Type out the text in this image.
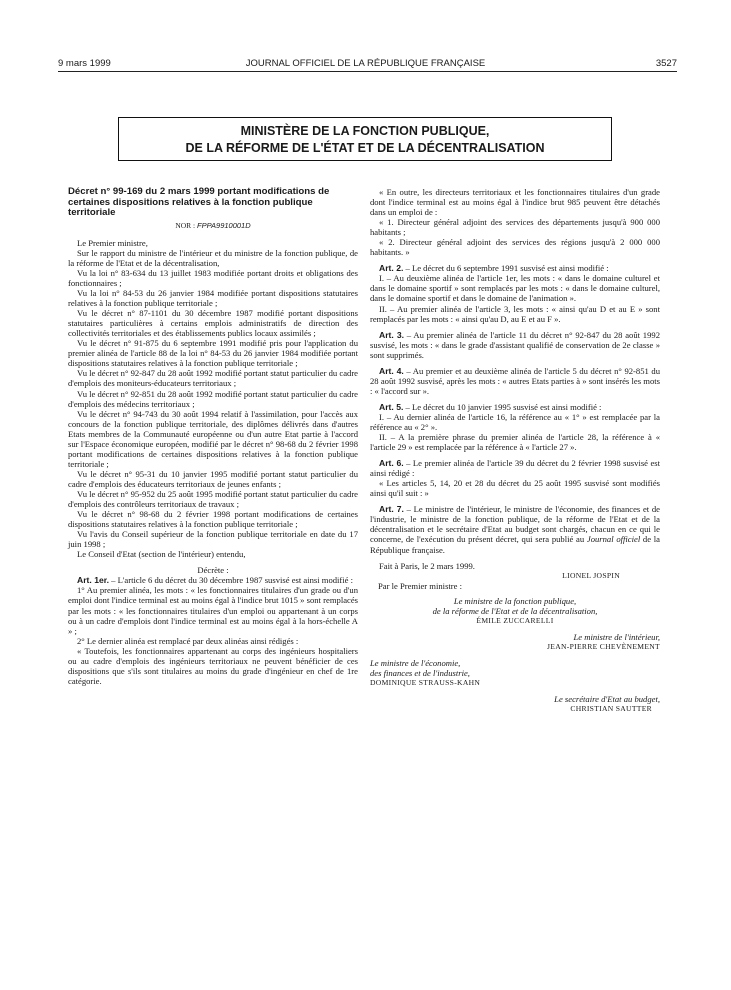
9 mars 1999	JOURNAL OFFICIEL DE LA RÉPUBLIQUE FRANÇAISE	3527
MINISTÈRE DE LA FONCTION PUBLIQUE,
DE LA RÉFORME DE L'ÉTAT ET DE LA DÉCENTRALISATION

Décret n° 99-169 du 2 mars 1999 portant modifications de certaines dispositions relatives à la fonction publique territoriale

NOR : FPPA9910001D

Le Premier ministre,

Sur le rapport du ministre de l'intérieur et du ministre de la fonction publique, de la réforme de l'Etat et de la décentralisation,

Vu la loi n° 83-634 du 13 juillet 1983 modifiée portant droits et obligations des fonctionnaires ;

Vu la loi n° 84-53 du 26 janvier 1984 modifiée portant dispositions statutaires relatives à la fonction publique territoriale ;

Vu le décret n° 87-1101 du 30 décembre 1987 modifié portant dispositions statutaires particulières à certains emplois administratifs de direction des collectivités territoriales et des établissements publics locaux assimilés ;

Vu le décret n° 91-875 du 6 septembre 1991 modifié pris pour l'application du premier alinéa de l'article 88 de la loi n° 84-53 du 26 janvier 1984 modifiée portant dispositions statutaires relatives à la fonction publique territoriale ;

Vu le décret n° 92-847 du 28 août 1992 modifié portant statut particulier du cadre d'emplois des moniteurs-éducateurs territoriaux ;

Vu le décret n° 92-851 du 28 août 1992 modifié portant statut particulier du cadre d'emplois des médecins territoriaux ;

Vu le décret n° 94-743 du 30 août 1994 relatif à l'assimilation, pour l'accès aux concours de la fonction publique territoriale, des diplômes délivrés dans d'autres Etats membres de la Communauté européenne ou d'un autre Etat partie à l'accord sur l'Espace économique européen, modifié par le décret n° 98-68 du 2 février 1998 portant modifications de certaines dispositions relatives à la fonction publique territoriale ;

Vu le décret n° 95-31 du 10 janvier 1995 modifié portant statut particulier du cadre d'emplois des éducateurs territoriaux de jeunes enfants ;

Vu le décret n° 95-952 du 25 août 1995 modifié portant statut particulier du cadre d'emplois des contrôleurs territoriaux de travaux ;

Vu le décret n° 98-68 du 2 février 1998 portant modifications de certaines dispositions statutaires relatives à la fonction publique territoriale ;

Vu l'avis du Conseil supérieur de la fonction publique territoriale en date du 17 juin 1998 ;

Le Conseil d'Etat (section de l'intérieur) entendu,

Décrète :

Art. 1er. – L'article 6 du décret du 30 décembre 1987 susvisé est ainsi modifié :

1° Au premier alinéa, les mots : « les fonctionnaires titulaires d'un grade ou d'un emploi dont l'indice terminal est au moins égal à l'indice brut 1015 » sont remplacés par les mots : « les fonctionnaires titulaires d'un emploi ou appartenant à un corps ou à un cadre d'emplois dont l'indice terminal est au moins égal à la hors-échelle A » ;

2° Le dernier alinéa est remplacé par deux alinéas ainsi rédigés :

« Toutefois, les fonctionnaires appartenant au corps des ingénieurs hospitaliers ou au cadre d'emplois des ingénieurs territoriaux ne peuvent bénéficier de ces dispositions que s'ils sont titulaires au moins du grade d'ingénieur en chef de 1re catégorie.

« En outre, les directeurs territoriaux et les fonctionnaires titulaires d'un grade dont l'indice terminal est au moins égal à l'indice brut 985 peuvent être détachés dans un emploi de :

« 1. Directeur général adjoint des services des départements jusqu'à 900 000 habitants ;

« 2. Directeur général adjoint des services des régions jusqu'à 2 000 000 habitants. »

Art. 2. – Le décret du 6 septembre 1991 susvisé est ainsi modifié :

I. – Au deuxième alinéa de l'article 1er, les mots : « dans le domaine culturel et dans le domaine sportif » sont remplacés par les mots : « dans le domaine culturel, dans le domaine sportif et dans le domaine de l'animation ».

II. – Au premier alinéa de l'article 3, les mots : « ainsi qu'au D et au E » sont remplacés par les mots : « ainsi qu'au D, au E et au F ».

Art. 3. – Au premier alinéa de l'article 11 du décret n° 92-847 du 28 août 1992 susvisé, les mots : « dans le grade d'assistant qualifié de conservation de 2e classe » sont supprimés.

Art. 4. – Au premier et au deuxième alinéa de l'article 5 du décret n° 92-851 du 28 août 1992 susvisé, après les mots : « autres Etats parties à » sont insérés les mots : « l'accord sur ».

Art. 5. – Le décret du 10 janvier 1995 susvisé est ainsi modifié :

I. – Au dernier alinéa de l'article 16, la référence au « 1° » est remplacée par la référence au « 2° ».

II. – A la première phrase du premier alinéa de l'article 28, la référence à « l'article 29 » est remplacée par la référence à « l'article 27 ».

Art. 6. – Le premier alinéa de l'article 39 du décret du 2 février 1998 susvisé est ainsi rédigé :

« Les articles 5, 14, 20 et 28 du décret du 25 août 1995 susvisé sont modifiés ainsi qu'il suit : »

Art. 7. – Le ministre de l'intérieur, le ministre de l'économie, des finances et de l'industrie, le ministre de la fonction publique, de la réforme de l'Etat et de la décentralisation et le secrétaire d'Etat au budget sont chargés, chacun en ce qui le concerne, de l'exécution du présent décret, qui sera publié au Journal officiel de la République française.

Fait à Paris, le 2 mars 1999.

LIONEL JOSPIN

Par le Premier ministre :

Le ministre de la fonction publique,

de la réforme de l'Etat et de la décentralisation,

ÉMILE ZUCCARELLI

Le ministre de l'intérieur,

JEAN-PIERRE CHEVÈNEMENT

Le ministre de l'économie,

des finances et de l'industrie,

DOMINIQUE STRAUSS-KAHN

Le secrétaire d'Etat au budget,

CHRISTIAN SAUTTER
